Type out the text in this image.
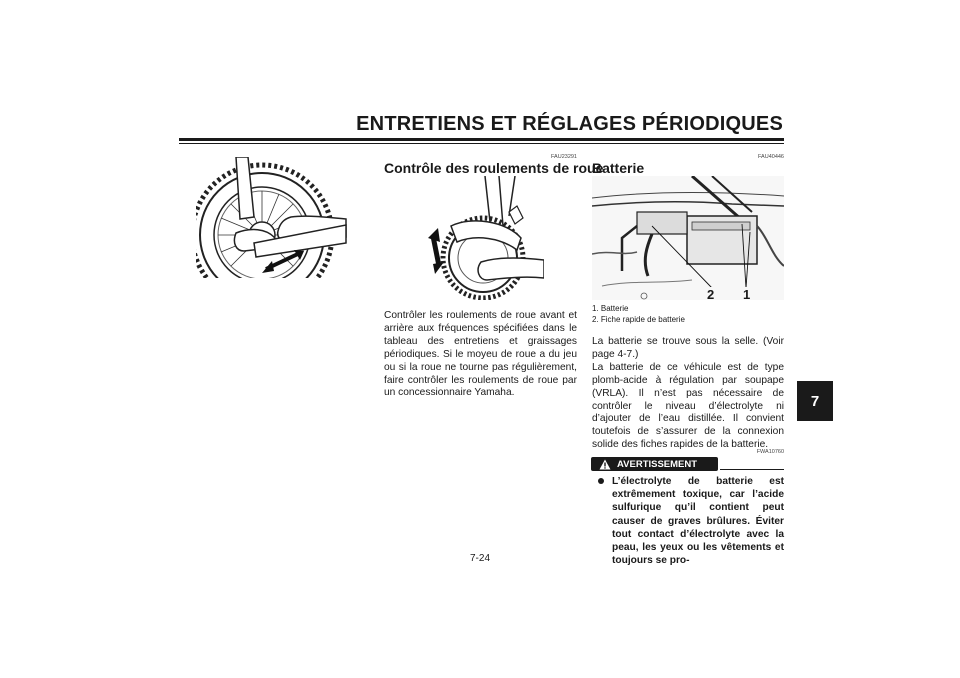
ENTRETIENS ET RÉGLAGES PÉRIODIQUES
7
FAU23291
Contrôle des roulements de roue

Contrôler les roulements de roue avant et arrière aux fréquences spécifiées dans le tableau des entretiens et graissages périodiques. Si le moyeu de roue a du jeu ou si la roue ne tourne pas régulièrement, faire contrôler les roulements de roue par un concessionnaire Yamaha.

FAU40446
Batterie
2 1
1. Batterie
2. Fiche rapide de batterie

La batterie se trouve sous la selle. (Voir page 4-7.)

La batterie de ce véhicule est de type plomb-acide à régulation par soupape (VRLA). Il n’est pas nécessaire de contrôler le niveau d’électrolyte ni d’ajouter de l’eau distillée. Il convient toutefois de s’assurer de la connexion solide des fiches rapides de la batterie.

FWA10760
AVERTISSEMENT
L’électrolyte de batterie est extrêmement toxique, car l’acide sulfurique qu’il contient peut causer de graves brûlures. Éviter tout contact d’électrolyte avec la peau, les yeux ou les vêtements et toujours se pro-
7-24
